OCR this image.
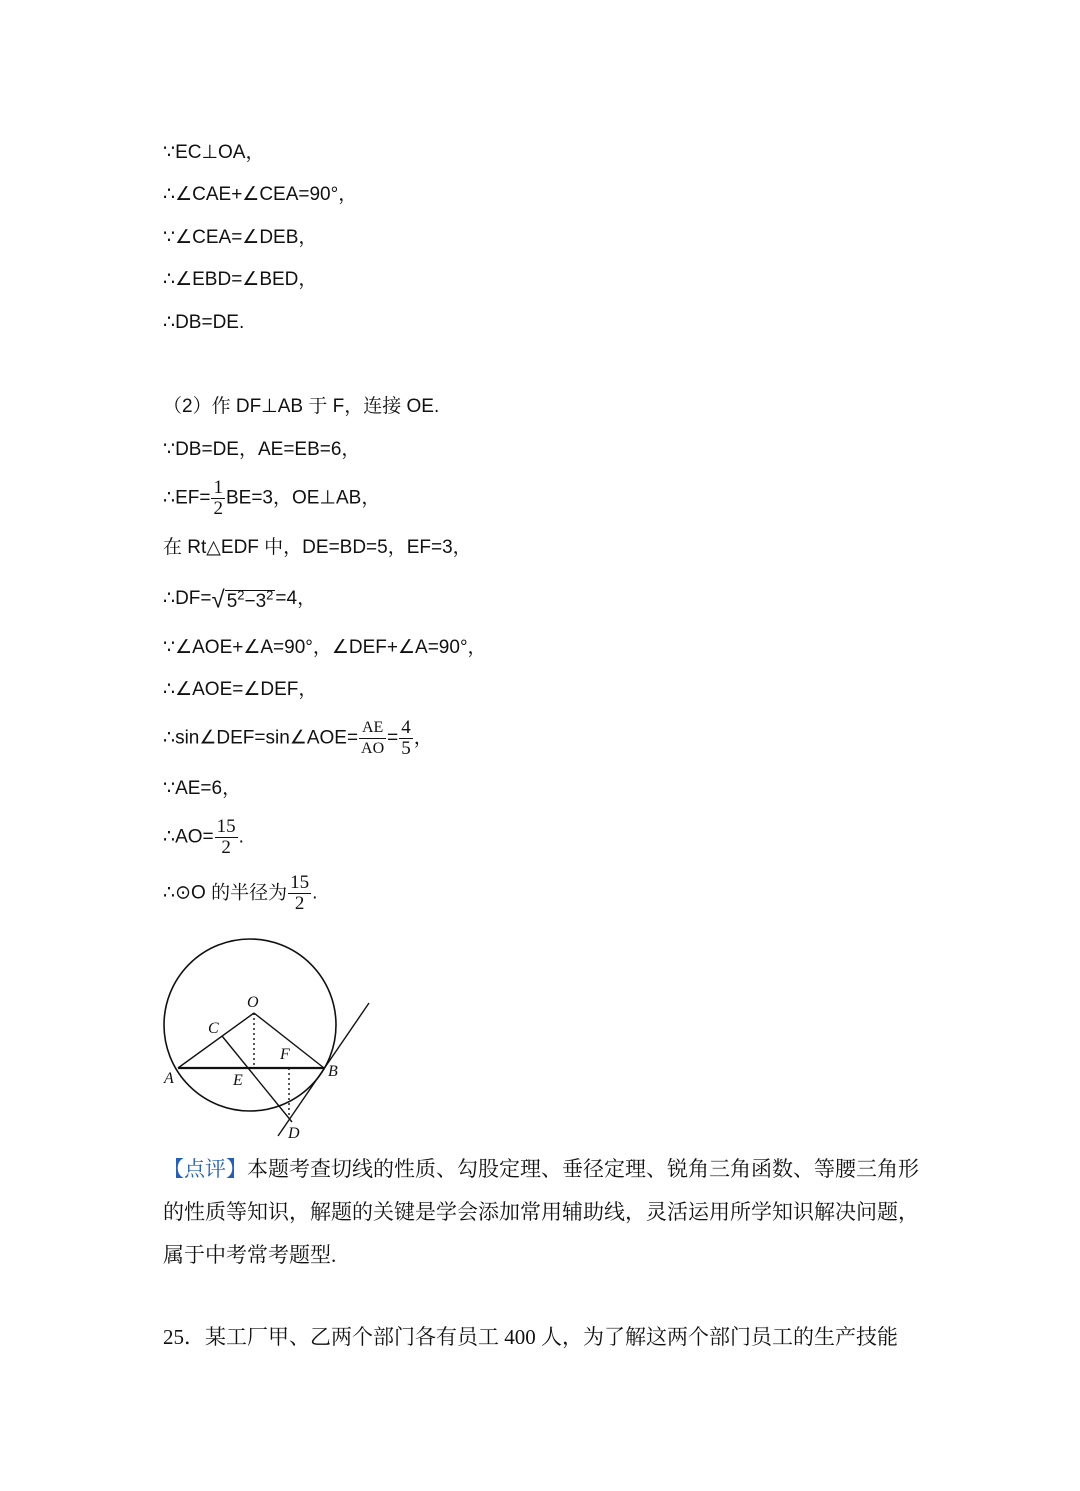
∵EC⊥OA，
∴∠CAE+∠CEA=90°，
∵∠CEA=∠DEB，
∴∠EBD=∠BED，
∴DB=DE.
（2）作 DF⊥AB 于 F，连接 OE.
∵DB=DE，AE=EB=6，
∴EF= $\frac{1}{2} BE=3$，OE⊥AB，
在 Rt△EDF 中，DE=BD=5，EF=3，
∴DF=√ $5^2-3^2 =4$，
∵∠AOE+∠A=90°，∠DEF+∠A=90°，
∴∠AOE=∠DEF，
∴sin∠DEF=sin∠AOE= $\frac{AE}{AO} = \frac{4}{5}$ ，
∵AE=6，
∴AO= $\frac{15}{2}$ .
∴⊙O 的半径为 $\frac{15}{2}$ .
O
C
F
A	E
B
D
【点评】本题考查切线的性质、勾股定理、垂径定理、锐角三角函数、等腰三角形的性质等知识，解题的关键是学会添加常用辅助线，灵活运用所学知识解决问题，属于中考常考题型.
25．某工厂甲、乙两个部门各有员工 400 人，为了解这两个部门员工的生产技能
